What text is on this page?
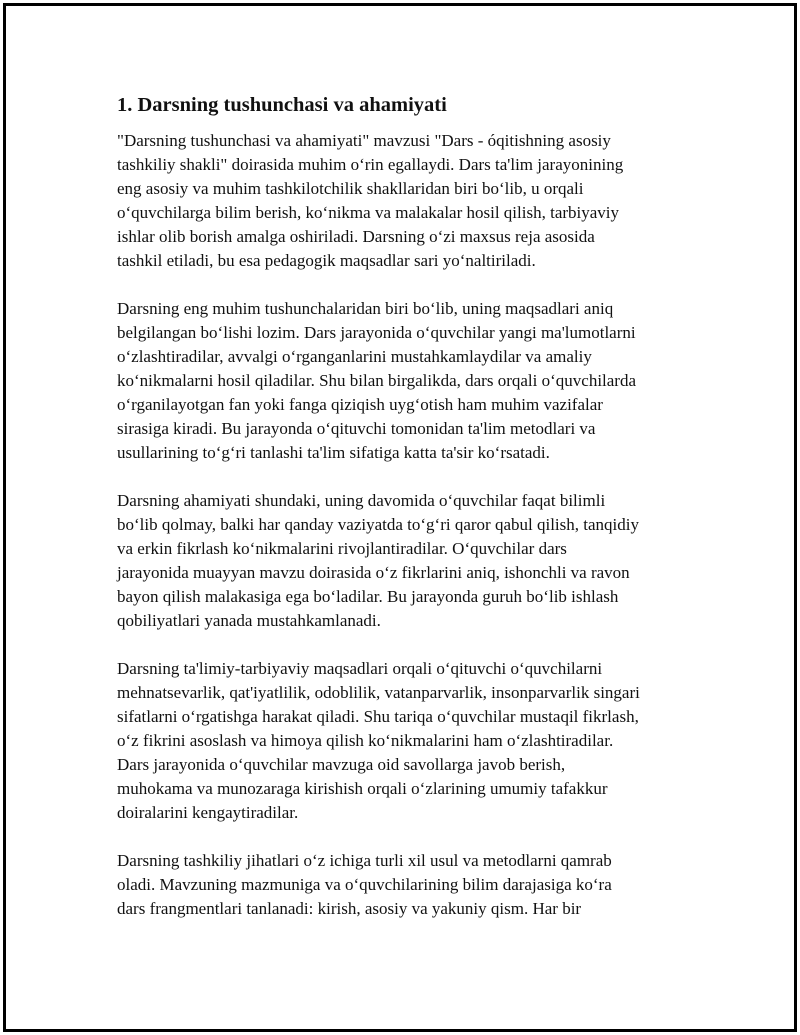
1. Darsning tushunchasi va ahamiyati
"Darsning tushunchasi va ahamiyati" mavzusi "Dars - óqitishning asosiy
tashkiliy shakli" doirasida muhim o‘rin egallaydi. Dars ta'lim jarayonining
eng asosiy va muhim tashkilotchilik shakllaridan biri bo‘lib, u orqali
o‘quvchilarga bilim berish, ko‘nikma va malakalar hosil qilish, tarbiyaviy
ishlar olib borish amalga oshiriladi. Darsning o‘zi maxsus reja asosida
tashkil etiladi, bu esa pedagogik maqsadlar sari yo‘naltiriladi.
Darsning eng muhim tushunchalaridan biri bo‘lib, uning maqsadlari aniq
belgilangan bo‘lishi lozim. Dars jarayonida o‘quvchilar yangi ma'lumotlarni
o‘zlashtiradilar, avvalgi o‘rganganlarini mustahkamlaydilar va amaliy
ko‘nikmalarni hosil qiladilar. Shu bilan birgalikda, dars orqali o‘quvchilarda
o‘rganilayotgan fan yoki fanga qiziqish uyg‘otish ham muhim vazifalar
sirasiga kiradi. Bu jarayonda o‘qituvchi tomonidan ta'lim metodlari va
usullarining to‘g‘ri tanlashi ta'lim sifatiga katta ta'sir ko‘rsatadi.
Darsning ahamiyati shundaki, uning davomida o‘quvchilar faqat bilimli
bo‘lib qolmay, balki har qanday vaziyatda to‘g‘ri qaror qabul qilish, tanqidiy
va erkin fikrlash ko‘nikmalarini rivojlantiradilar. O‘quvchilar dars
jarayonida muayyan mavzu doirasida o‘z fikrlarini aniq, ishonchli va ravon
bayon qilish malakasiga ega bo‘ladilar. Bu jarayonda guruh bo‘lib ishlash
qobiliyatlari yanada mustahkamlanadi.
Darsning ta'limiy-tarbiyaviy maqsadlari orqali o‘qituvchi o‘quvchilarni
mehnatsevarlik, qat'iyatlilik, odoblilik, vatanparvarlik, insonparvarlik singari
sifatlarni o‘rgatishga harakat qiladi. Shu tariqa o‘quvchilar mustaqil fikrlash,
o‘z fikrini asoslash va himoya qilish ko‘nikmalarini ham o‘zlashtiradilar.
Dars jarayonida o‘quvchilar mavzuga oid savollarga javob berish,
muhokama va munozaraga kirishish orqali o‘zlarining umumiy tafakkur
doiralarini kengaytiradilar.
Darsning tashkiliy jihatlari o‘z ichiga turli xil usul va metodlarni qamrab
oladi. Mavzuning mazmuniga va o‘quvchilarining bilim darajasiga ko‘ra
dars frangmentlari tanlanadi: kirish, asosiy va yakuniy qism. Har bir
